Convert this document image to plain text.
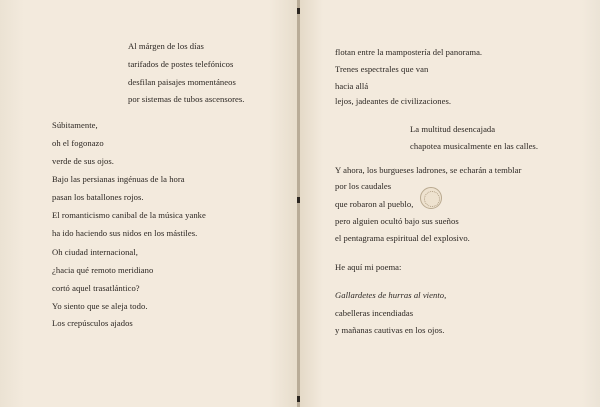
Al márgen de los días
tarifados de postes telefónicos
desfilan paisajes momentáneos
por sistemas de tubos ascensores.
Súbitamente,
oh el fogonazo
verde de sus ojos.
Bajo las persianas ingénuas de la hora
pasan los batallones rojos.
El romanticismo canibal de la música yanke
ha ido haciendo sus nidos en los mástiles.
Oh ciudad internacional,
¿hacia qué remoto meridiano
cortó aquel trasatlántico?
Yo siento que se aleja todo.
Los crepúsculos ajados
flotan entre la mampostería del panorama.
Trenes espectrales que van
hacia allá
lejos, jadeantes de civilizaciones.
La multitud desencajada
chapotea musicalmente en las calles.
Y ahora, los burgueses ladrones, se echarán a temblar
por los caudales
que robaron al pueblo,
pero alguien ocultó bajo sus sueños
el pentagrama espiritual del explosivo.
He aquí mi poema:
Gallardetes de hurras al viento,
cabelleras incendiadas
y mañanas cautivas en los ojos.
